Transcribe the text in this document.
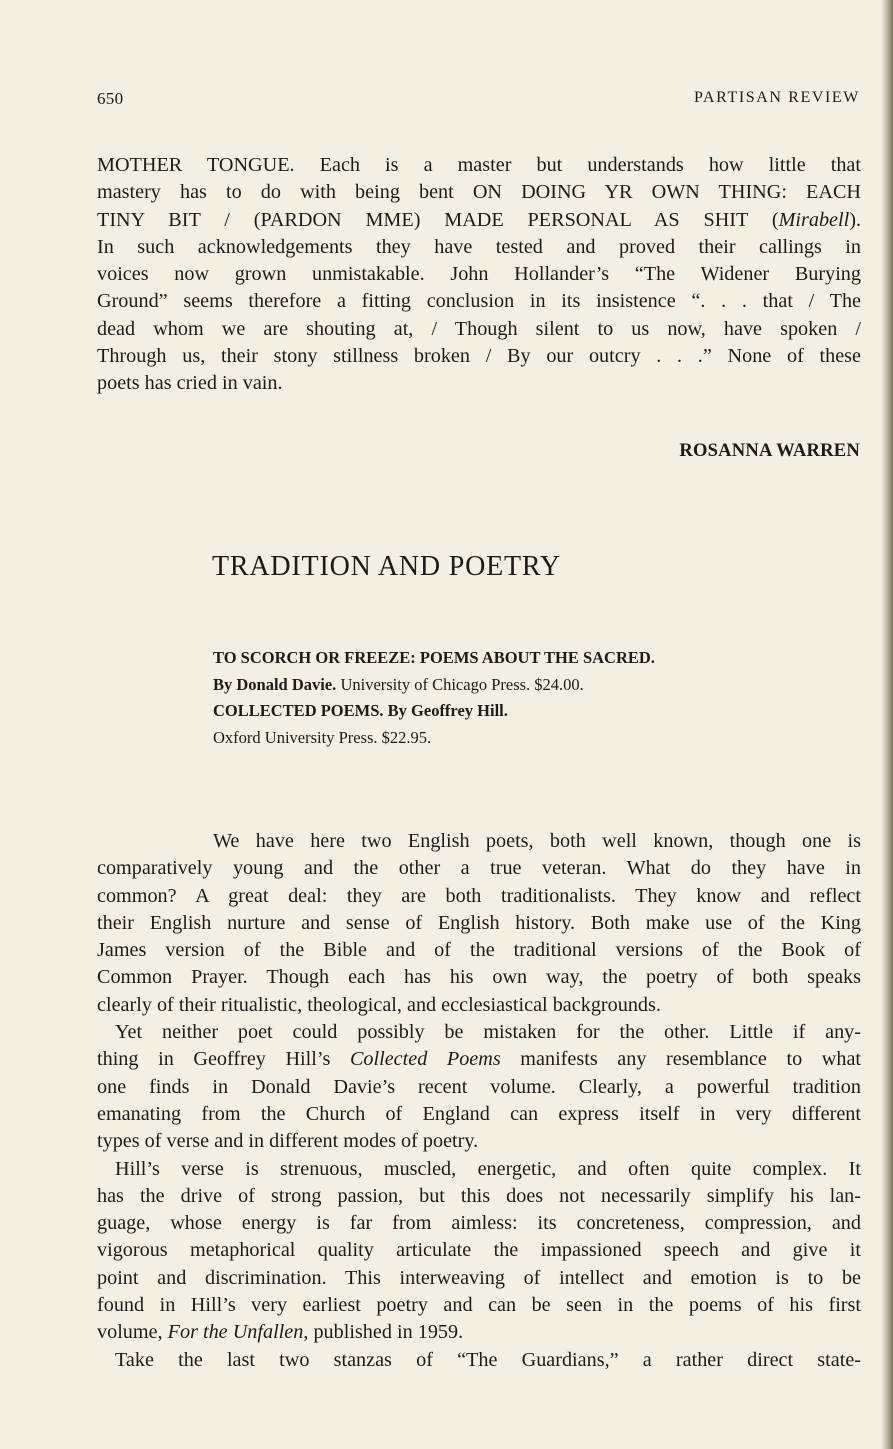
650	PARTISAN REVIEW
MOTHER TONGUE. Each is a master but understands how little that
mastery has to do with being bent ON DOING YR OWN THING: EACH
TINY BIT / (PARDON MME) MADE PERSONAL AS SHIT (Mirabell).
In such acknowledgements they have tested and proved their callings in
voices now grown unmistakable. John Hollander’s “The Widener Burying
Ground” seems therefore a fitting conclusion in its insistence “. . . that / The
dead whom we are shouting at, / Though silent to us now, have spoken /
Through us, their stony stillness broken / By our outcry . . .” None of these
poets has cried in vain.
ROSANNA WARREN
TRADITION AND POETRY
TO SCORCH OR FREEZE: POEMS ABOUT THE SACRED.
By Donald Davie. University of Chicago Press. $24.00.
COLLECTED POEMS. By Geoffrey Hill.
Oxford University Press. $22.95.
We have here two English poets, both well known, though one is
comparatively young and the other a true veteran. What do they have in
common? A great deal: they are both traditionalists. They know and reflect
their English nurture and sense of English history. Both make use of the King
James version of the Bible and of the traditional versions of the Book of
Common Prayer. Though each has his own way, the poetry of both speaks
clearly of their ritualistic, theological, and ecclesiastical backgrounds.
Yet neither poet could possibly be mistaken for the other. Little if any-
thing in Geoffrey Hill’s Collected Poems manifests any resemblance to what
one finds in Donald Davie’s recent volume. Clearly, a powerful tradition
emanating from the Church of England can express itself in very different
types of verse and in different modes of poetry.
Hill’s verse is strenuous, muscled, energetic, and often quite complex. It
has the drive of strong passion, but this does not necessarily simplify his lan-
guage, whose energy is far from aimless: its concreteness, compression, and
vigorous metaphorical quality articulate the impassioned speech and give it
point and discrimination. This interweaving of intellect and emotion is to be
found in Hill’s very earliest poetry and can be seen in the poems of his first
volume, For the Unfallen, published in 1959.
Take the last two stanzas of “The Guardians,” a rather direct state-
